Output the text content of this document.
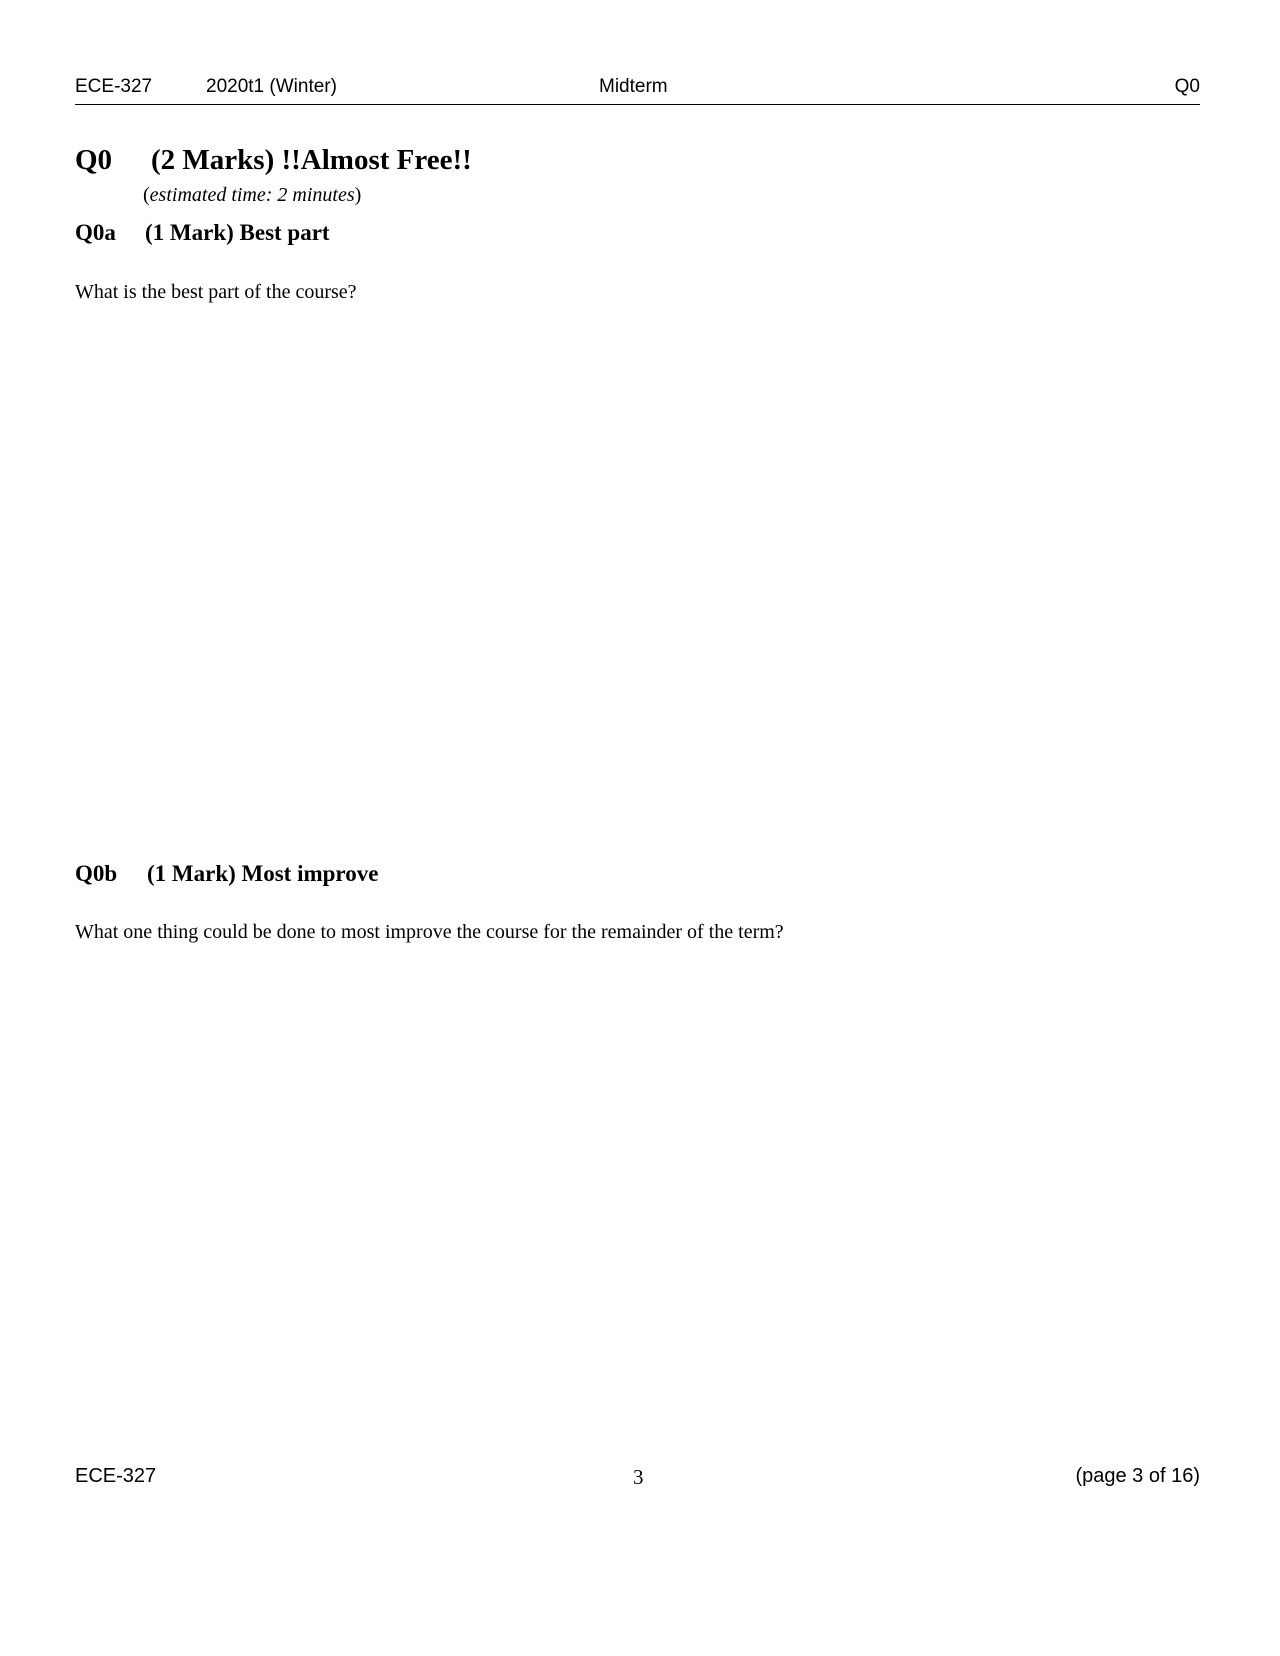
ECE-327	2020t1 (Winter)	Midterm	Q0
Q0 (2 Marks) !!Almost Free!!
(estimated time: 2 minutes)
Q0a (1 Mark) Best part
What is the best part of the course?
Q0b (1 Mark) Most improve
What one thing could be done to most improve the course for the remainder of the term?
ECE-327	3	(page 3 of 16)
